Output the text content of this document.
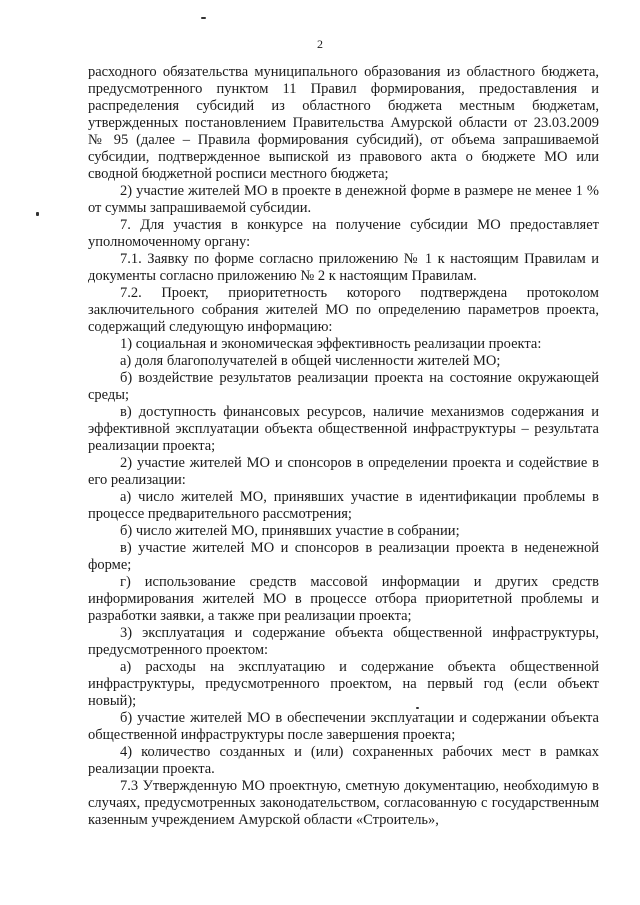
2

расходного обязательства муниципального образования из областного бюджета, предусмотренного пунктом 11 Правил формирования, предоставления и распределения субсидий из областного бюджета местным бюджетам, утвержденных постановлением Правительства Амурской области от 23.03.2009 № 95 (далее – Правила формирования субсидий), от объема запрашиваемой субсидии, подтвержденное выпиской из правового акта о бюджете МО или сводной бюджетной росписи местного бюджета;

2) участие жителей МО в проекте в денежной форме в размере не менее 1 % от суммы запрашиваемой субсидии.

7. Для участия в конкурсе на получение субсидии МО предоставляет уполномоченному органу:

7.1. Заявку по форме согласно приложению № 1 к настоящим Правилам и документы согласно приложению № 2 к настоящим Правилам.

7.2. Проект, приоритетность которого подтверждена протоколом заключительного собрания жителей МО по определению параметров проекта, содержащий следующую информацию:

1) социальная и экономическая эффективность реализации проекта:

а) доля благополучателей в общей численности жителей МО;

б) воздействие результатов реализации проекта на состояние окружающей среды;

в) доступность финансовых ресурсов, наличие механизмов содержания и эффективной эксплуатации объекта общественной инфраструктуры – результата реализации проекта;

2) участие жителей МО и спонсоров в определении проекта и содействие в его реализации:

а) число жителей МО, принявших участие в идентификации проблемы в процессе предварительного рассмотрения;

б) число жителей МО, принявших участие в собрании;

в) участие жителей МО и спонсоров в реализации проекта в неденежной форме;

г) использование средств массовой информации и других средств информирования жителей МО в процессе отбора приоритетной проблемы и разработки заявки, а также при реализации проекта;

3) эксплуатация и содержание объекта общественной инфраструктуры, предусмотренного проектом:

а) расходы на эксплуатацию и содержание объекта общественной инфраструктуры, предусмотренного проектом, на первый год (если объект новый);

б) участие жителей МО в обеспечении эксплуатации и содержании объекта общественной инфраструктуры после завершения проекта;

4) количество созданных и (или) сохраненных рабочих мест в рамках реализации проекта.

7.3 Утвержденную МО проектную, сметную документацию, необходимую в случаях, предусмотренных законодательством, согласованную с государственным казенным учреждением Амурской области «Строитель»,
